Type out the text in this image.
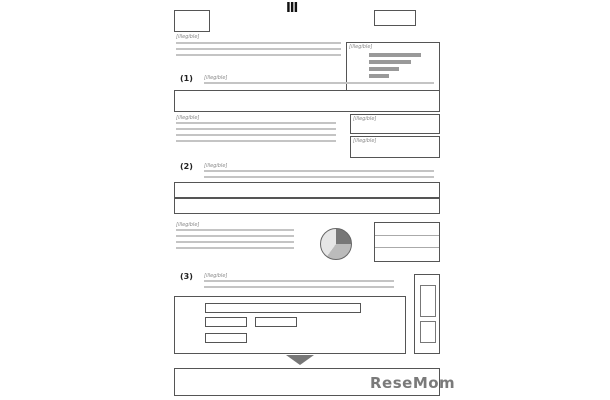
Ⅲ
[illegible]
[illegible]
(1) [illegible]
[illegible]	[illegible]
[illegible]
(2) [illegible]
[illegible]
(3) [illegible]
ReseMom
